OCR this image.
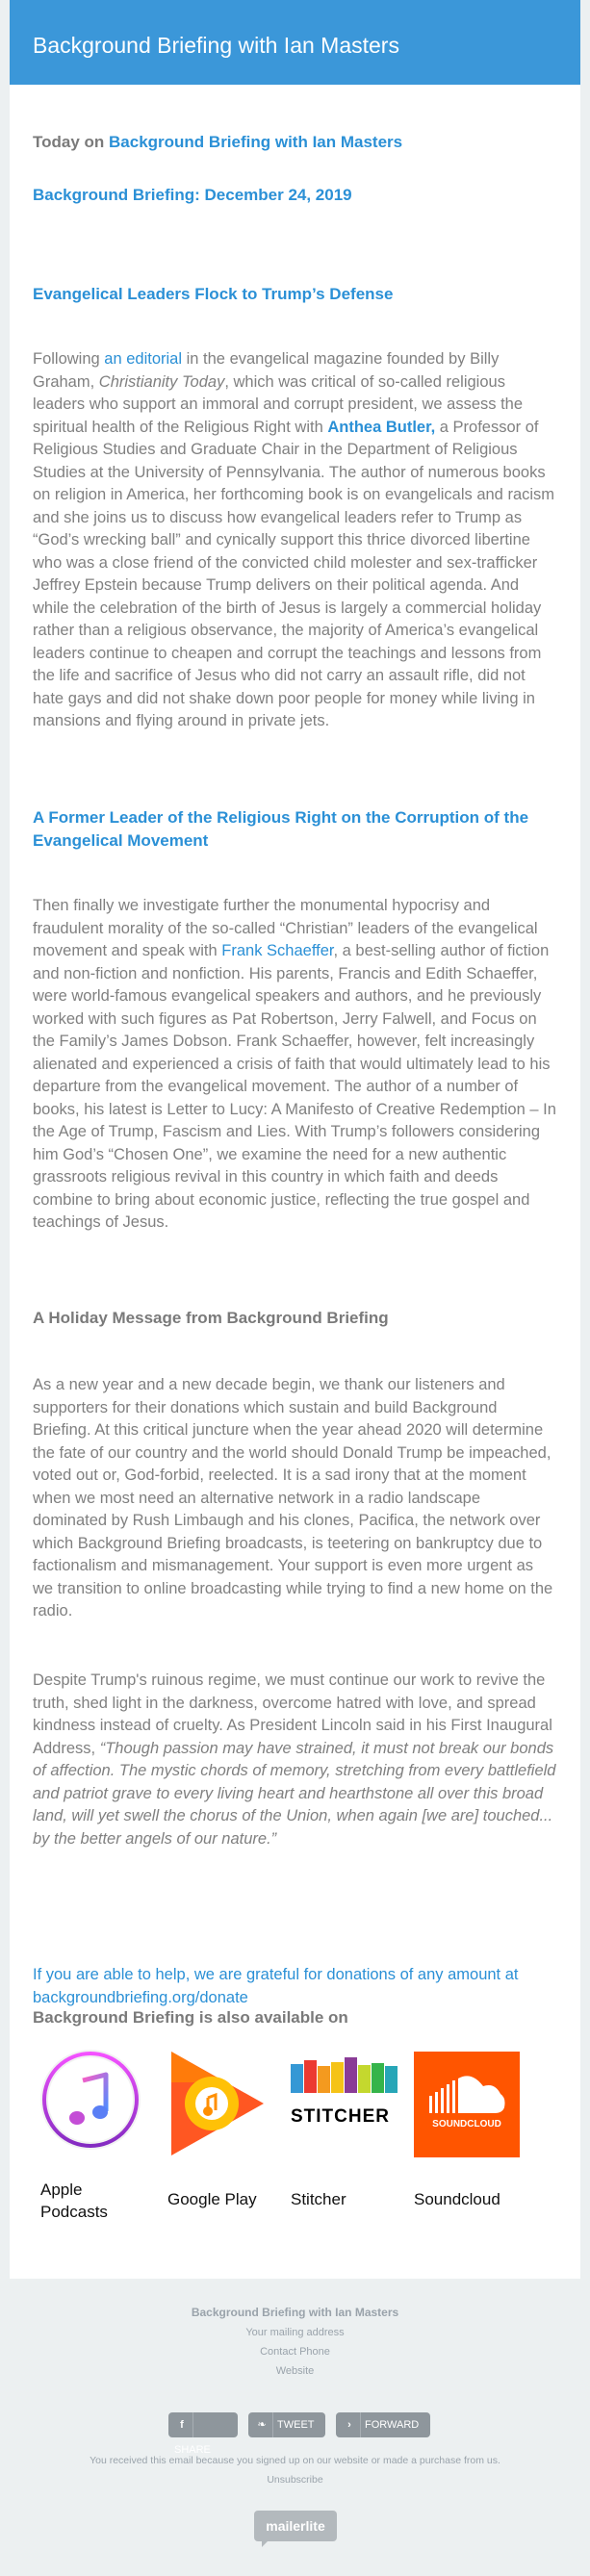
Background Briefing with Ian Masters
Today on Background Briefing with Ian Masters
Background Briefing: December 24, 2019
Evangelical Leaders Flock to Trump’s Defense
Following an editorial in the evangelical magazine founded by Billy Graham, Christianity Today, which was critical of so-called religious leaders who support an immoral and corrupt president, we assess the spiritual health of the Religious Right with Anthea Butler, a Professor of Religious Studies and Graduate Chair in the Department of Religious Studies at the University of Pennsylvania. The author of numerous books on religion in America, her forthcoming book is on evangelicals and racism and she joins us to discuss how evangelical leaders refer to Trump as “God’s wrecking ball” and cynically support this thrice divorced libertine who was a close friend of the convicted child molester and sex-trafficker Jeffrey Epstein because Trump delivers on their political agenda. And while the celebration of the birth of Jesus is largely a commercial holiday rather than a religious observance, the majority of America’s evangelical leaders continue to cheapen and corrupt the teachings and lessons from the life and sacrifice of Jesus who did not carry an assault rifle, did not hate gays and did not shake down poor people for money while living in mansions and flying around in private jets.
A Former Leader of the Religious Right on the Corruption of the Evangelical Movement
Then finally we investigate further the monumental hypocrisy and fraudulent morality of the so-called “Christian” leaders of the evangelical movement and speak with Frank Schaeffer, a best-selling author of fiction and non-fiction and nonfiction. His parents, Francis and Edith Schaeffer, were world-famous evangelical speakers and authors, and he previously worked with such figures as Pat Robertson, Jerry Falwell, and Focus on the Family’s James Dobson. Frank Schaeffer, however, felt increasingly alienated and experienced a crisis of faith that would ultimately lead to his departure from the evangelical movement. The author of a number of books, his latest is Letter to Lucy: A Manifesto of Creative Redemption – In the Age of Trump, Fascism and Lies. With Trump’s followers considering him God’s “Chosen One”, we examine the need for a new authentic grassroots religious revival in this country in which faith and deeds combine to bring about economic justice, reflecting the true gospel and teachings of Jesus.
A Holiday Message from Background Briefing
As a new year and a new decade begin, we thank our listeners and supporters for their donations which sustain and build Background Briefing. At this critical juncture when the year ahead 2020 will determine the fate of our country and the world should Donald Trump be impeached, voted out or, God-forbid, reelected. It is a sad irony that at the moment when we most need an alternative network in a radio landscape dominated by Rush Limbaugh and his clones, Pacifica, the network over which Background Briefing broadcasts, is teetering on bankruptcy due to factionalism and mismanagement. Your support is even more urgent as we transition to online broadcasting while trying to find a new home on the radio.
Despite Trump's ruinous regime, we must continue our work to revive the truth, shed light in the darkness, overcome hatred with love, and spread kindness instead of cruelty. As President Lincoln said in his First Inaugural Address, “Though passion may have strained, it must not break our bonds of affection. The mystic chords of memory, stretching from every battlefield and patriot grave to every living heart and hearthstone all over this broad land, will yet swell the chorus of the Union, when again [we are] touched... by the better angels of our nature.”
If you are able to help, we are grateful for donations of any amount at backgroundbriefing.org/donate
Background Briefing is also available on
Apple Podcasts
Google Play
STITCHER
Stitcher
SOUNDCLOUD
Soundcloud
Background Briefing with Ian Masters
Your mailing address
Contact Phone
Website
fSHARE
❧ TWEET	› FORWARD
You received this email because you signed up on our website or made a purchase from us.
Unsubscribe
mailerlite
